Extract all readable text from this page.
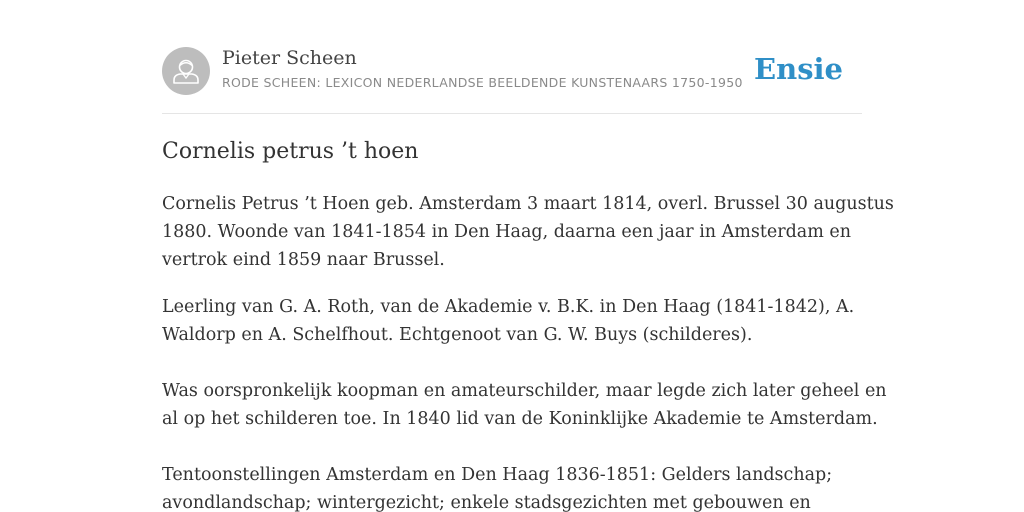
Pieter Scheen
RODE SCHEEN: LEXICON NEDERLANDSE BEELDENDE KUNSTENAARS 1750-1950 Ensie
Cornelis petrus ’t hoen

Cornelis Petrus ’t Hoen geb. Amsterdam 3 maart 1814, overl. Brussel 30 augustus
1880. Woonde van 1841-1854 in Den Haag, daarna een jaar in Amsterdam en
vertrok eind 1859 naar Brussel.

Leerling van G. A. Roth, van de Akademie v. B.K. in Den Haag (1841-1842), A.
Waldorp en A. Schelfhout. Echtgenoot van G. W. Buys (schilderes).

Was oorspronkelijk koopman en amateurschilder, maar legde zich later geheel en
al op het schilderen toe. In 1840 lid van de Koninklijke Akademie te Amsterdam.

Tentoonstellingen Amsterdam en Den Haag 1836-1851: Gelders landschap;
avondlandschap; wintergezicht; enkele stadsgezichten met gebouwen en
